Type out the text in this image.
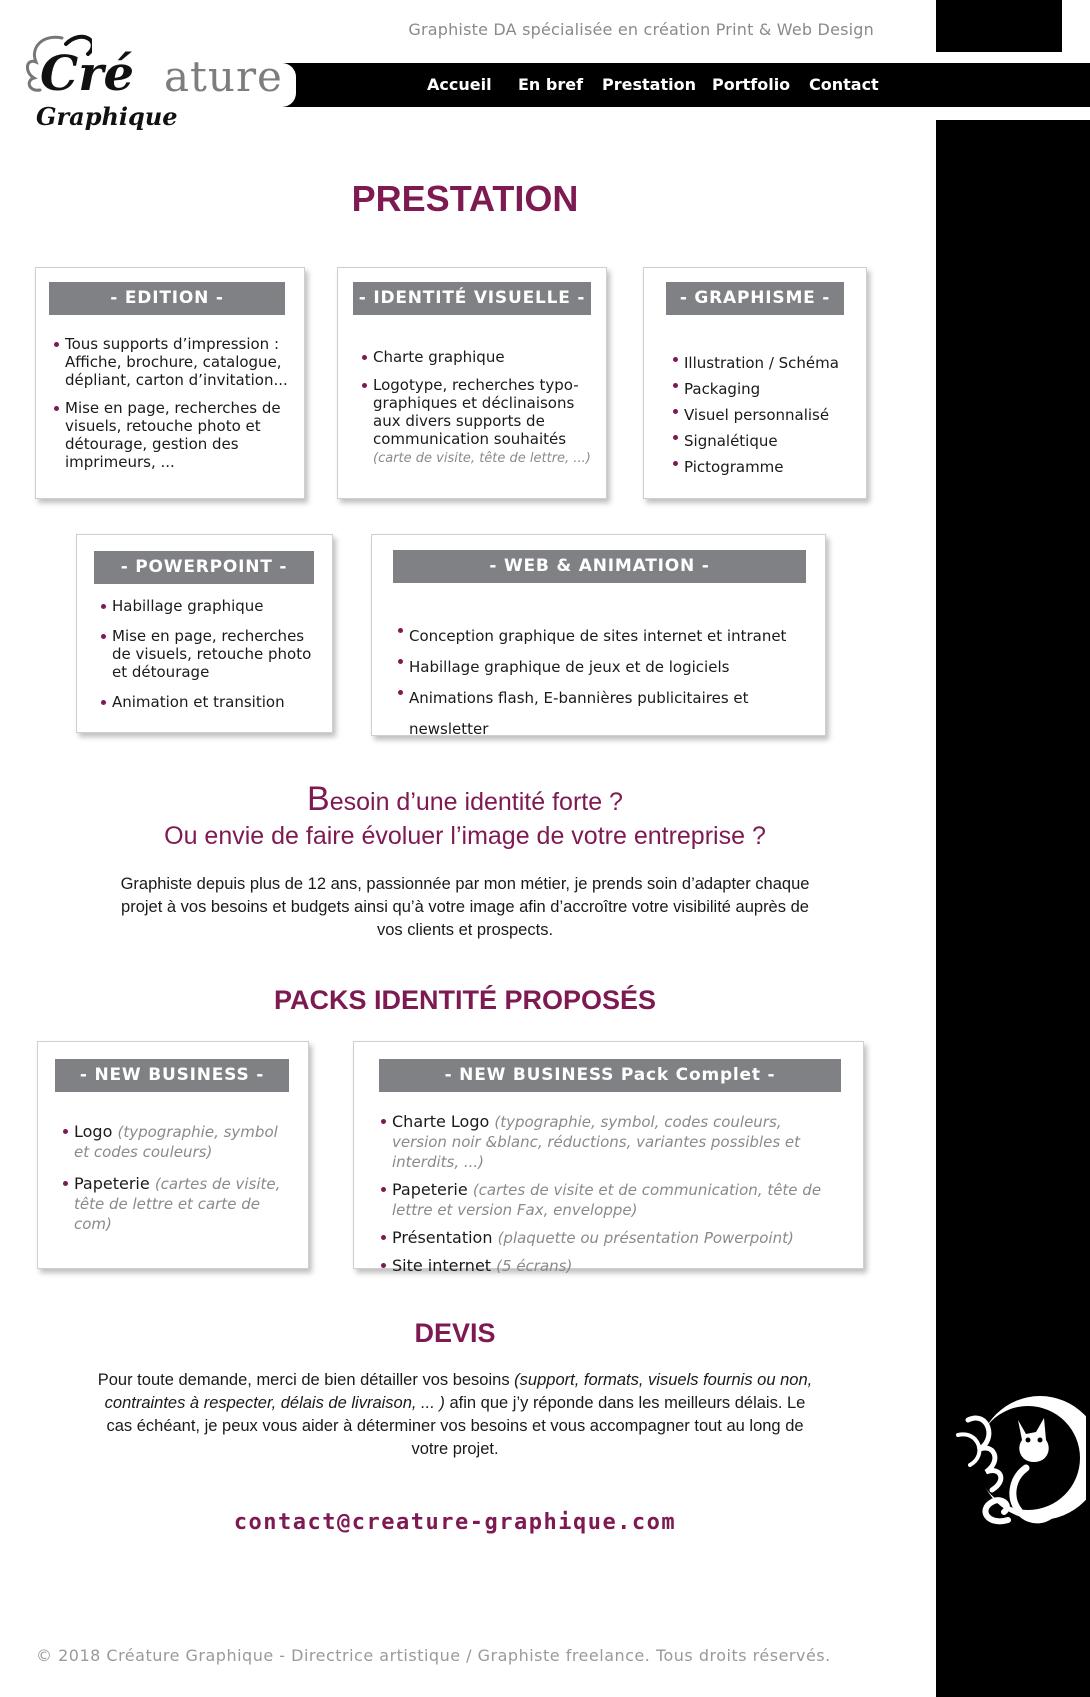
Graphiste DA spécialisée en création Print & Web Design
Accueil En bref Prestation Portfolio Contact
Cré ature
Graphique
PRESTATION
- EDITION -
Tous supports d’impression : Affiche, brochure, catalogue, dépliant, carton d’invitation...
Mise en page, recherches de visuels, retouche photo et détourage, gestion des imprimeurs, ...
- IDENTITÉ VISUELLE -
Charte graphique
Logotype, recherches typo-graphiques et déclinaisons aux divers supports de communication souhaités
(carte de visite, tête de lettre, ...)
- GRAPHISME -
Illustration / Schéma
Packaging
Visuel personnalisé
Signalétique
Pictogramme
- POWERPOINT -
Habillage graphique
Mise en page, recherches de visuels, retouche photo et détourage
Animation et transition
- WEB & ANIMATION -
Conception graphique de sites internet et intranet
Habillage graphique de jeux et de logiciels
Animations flash, E-bannières publicitaires et newsletter
Besoin d’une identité forte ?
Ou envie de faire évoluer l’image de votre entreprise ?
Graphiste depuis plus de 12 ans, passionnée par mon métier, je prends soin d’adapter chaque projet à vos besoins et budgets ainsi qu’à votre image afin d’accroître votre visibilité auprès de vos clients et prospects.
PACKS IDENTITÉ PROPOSÉS
- NEW BUSINESS -
Logo (typographie, symbol et codes couleurs)
Papeterie (cartes de visite, tête de lettre et carte de com)
- NEW BUSINESS Pack Complet -
Charte Logo (typographie, symbol, codes couleurs, version noir &blanc, réductions, variantes possibles et interdits, ...)
Papeterie (cartes de visite et de communication, tête de lettre et version Fax, enveloppe)
Présentation (plaquette ou présentation Powerpoint)
Site internet (5 écrans)
DEVIS
Pour toute demande, merci de bien détailler vos besoins (support, formats, visuels fournis ou non, contraintes à respecter, délais de livraison, ... ) afin que j’y réponde dans les meilleurs délais. Le cas échéant, je peux vous aider à déterminer vos besoins et vous accompagner tout au long de votre projet.
contact@creature-graphique.com
© 2018 Créature Graphique - Directrice artistique / Graphiste freelance. Tous droits réservés.
